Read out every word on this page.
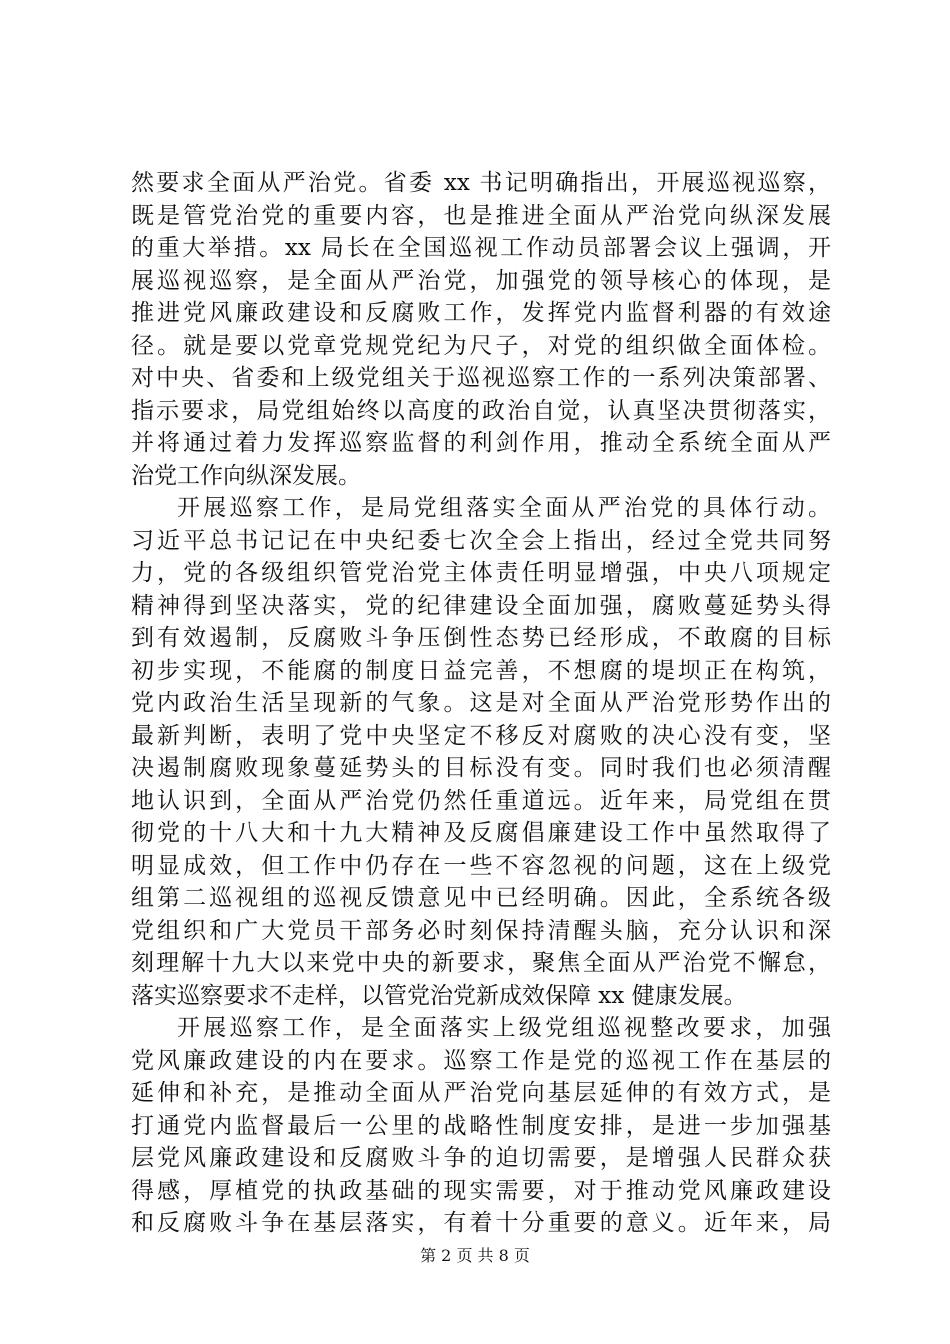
然要求全面从严治党。省委 xx 书记明确指出，开展巡视巡察，
既是管党治党的重要内容，也是推进全面从严治党向纵深发展
的重大举措。xx 局长在全国巡视工作动员部署会议上强调，开
展巡视巡察，是全面从严治党，加强党的领导核心的体现，是
推进党风廉政建设和反腐败工作，发挥党内监督利器的有效途
径。就是要以党章党规党纪为尺子，对党的组织做全面体检。
对中央、省委和上级党组关于巡视巡察工作的一系列决策部署、
指示要求，局党组始终以高度的政治自觉，认真坚决贯彻落实，
并将通过着力发挥巡察监督的利剑作用，推动全系统全面从严
治党工作向纵深发展。
开展巡察工作，是局党组落实全面从严治党的具体行动。
习近平总书记记在中央纪委七次全会上指出，经过全党共同努
力，党的各级组织管党治党主体责任明显增强，中央八项规定
精神得到坚决落实，党的纪律建设全面加强，腐败蔓延势头得
到有效遏制，反腐败斗争压倒性态势已经形成，不敢腐的目标
初步实现，不能腐的制度日益完善，不想腐的堤坝正在构筑，
党内政治生活呈现新的气象。这是对全面从严治党形势作出的
最新判断，表明了党中央坚定不移反对腐败的决心没有变，坚
决遏制腐败现象蔓延势头的目标没有变。同时我们也必须清醒
地认识到，全面从严治党仍然任重道远。近年来，局党组在贯
彻党的十八大和十九大精神及反腐倡廉建设工作中虽然取得了
明显成效，但工作中仍存在一些不容忽视的问题，这在上级党
组第二巡视组的巡视反馈意见中已经明确。因此，全系统各级
党组织和广大党员干部务必时刻保持清醒头脑，充分认识和深
刻理解十九大以来党中央的新要求，聚焦全面从严治党不懈怠，
落实巡察要求不走样，以管党治党新成效保障 xx 健康发展。
开展巡察工作，是全面落实上级党组巡视整改要求，加强
党风廉政建设的内在要求。巡察工作是党的巡视工作在基层的
延伸和补充，是推动全面从严治党向基层延伸的有效方式，是
打通党内监督最后一公里的战略性制度安排，是进一步加强基
层党风廉政建设和反腐败斗争的迫切需要，是增强人民群众获
得感，厚植党的执政基础的现实需要，对于推动党风廉政建设
和反腐败斗争在基层落实，有着十分重要的意义。近年来，局
第 2 页 共 8 页
